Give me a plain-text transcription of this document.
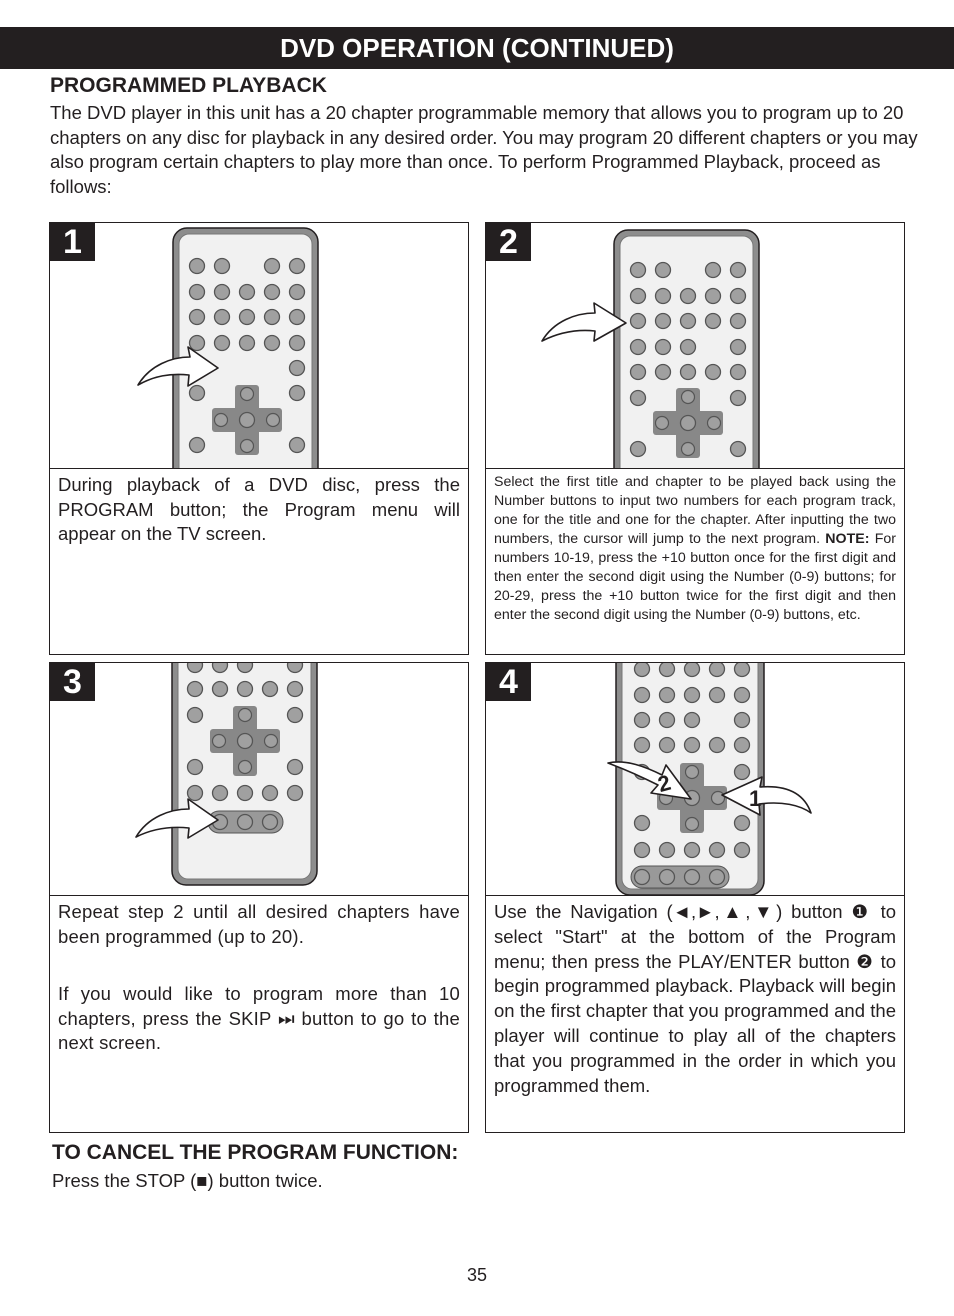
DVD OPERATION (CONTINUED)
PROGRAMMED PLAYBACK
The DVD player in this unit has a 20 chapter programmable memory that allows you to program up to 20 chapters on any disc for playback in any desired order. You may program 20 different chapters or you may also program certain chapters to play more than once. To perform Programmed Playback, proceed as follows:
1
During playback of a DVD disc, press the PROGRAM button; the Program menu will appear on the TV screen.
2
Select the first title and chapter to be played back using the Number buttons to input two numbers for each program track, one for the title and one for the chapter. After inputting the two numbers, the cursor will jump to the next program. NOTE: For numbers 10-19, press the +10 button once for the first digit and then enter the second digit using the Number (0-9) buttons; for 20-29, press the +10 button twice for the first digit and then enter the second digit using the Number (0-9) buttons, etc.
3
Repeat step 2 until all desired chapters have been programmed (up to 20).
If you would like to program more than 10 chapters, press the SKIP ⏭ button to go to the next screen.
1
2
4
Use the Navigation (◄,►,▲,▼) button ❶ to select "Start" at the bottom of the Program menu; then press the PLAY/ENTER button ❷ to begin programmed playback. Playback will begin on the first chapter that you programmed and the player will continue to play all of the chapters that you programmed in the order in which you programmed them.
TO CANCEL THE PROGRAM FUNCTION:
Press the STOP (■) button twice.
35
